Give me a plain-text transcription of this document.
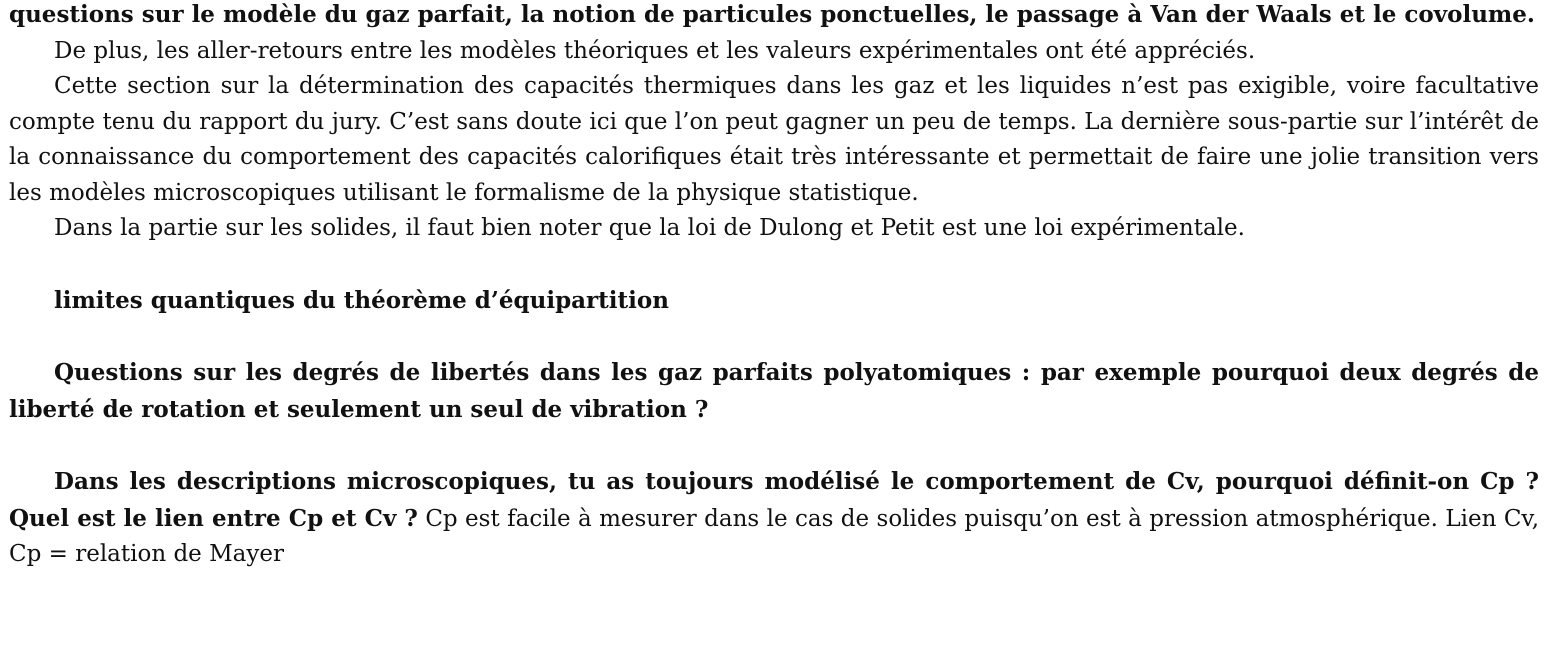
questions sur le modèle du gaz parfait, la notion de particules ponctuelles, le passage à Van der Waals et le covolume.

De plus, les aller-retours entre les modèles théoriques et les valeurs expérimentales ont été appréciés.

Cette section sur la détermination des capacités thermiques dans les gaz et les liquides n’est pas exigible, voire facultative compte tenu du rapport du jury. C’est sans doute ici que l’on peut gagner un peu de temps. La dernière sous-partie sur l’intérêt de la connaissance du comportement des capacités calorifiques était très intéressante et permettait de faire une jolie transition vers les modèles microscopiques utilisant le formalisme de la physique statistique.

Dans la partie sur les solides, il faut bien noter que la loi de Dulong et Petit est une loi expérimentale.

limites quantiques du théorème d’équipartition

Questions sur les degrés de libertés dans les gaz parfaits polyatomiques : par exemple pourquoi deux degrés de liberté de rotation et seulement un seul de vibration ?

Dans les descriptions microscopiques, tu as toujours modélisé le comportement de Cv, pourquoi définit-on Cp ? Quel est le lien entre Cp et Cv ? Cp est facile à mesurer dans le cas de solides puisqu’on est à pression atmosphérique. Lien Cv, Cp = relation de Mayer
